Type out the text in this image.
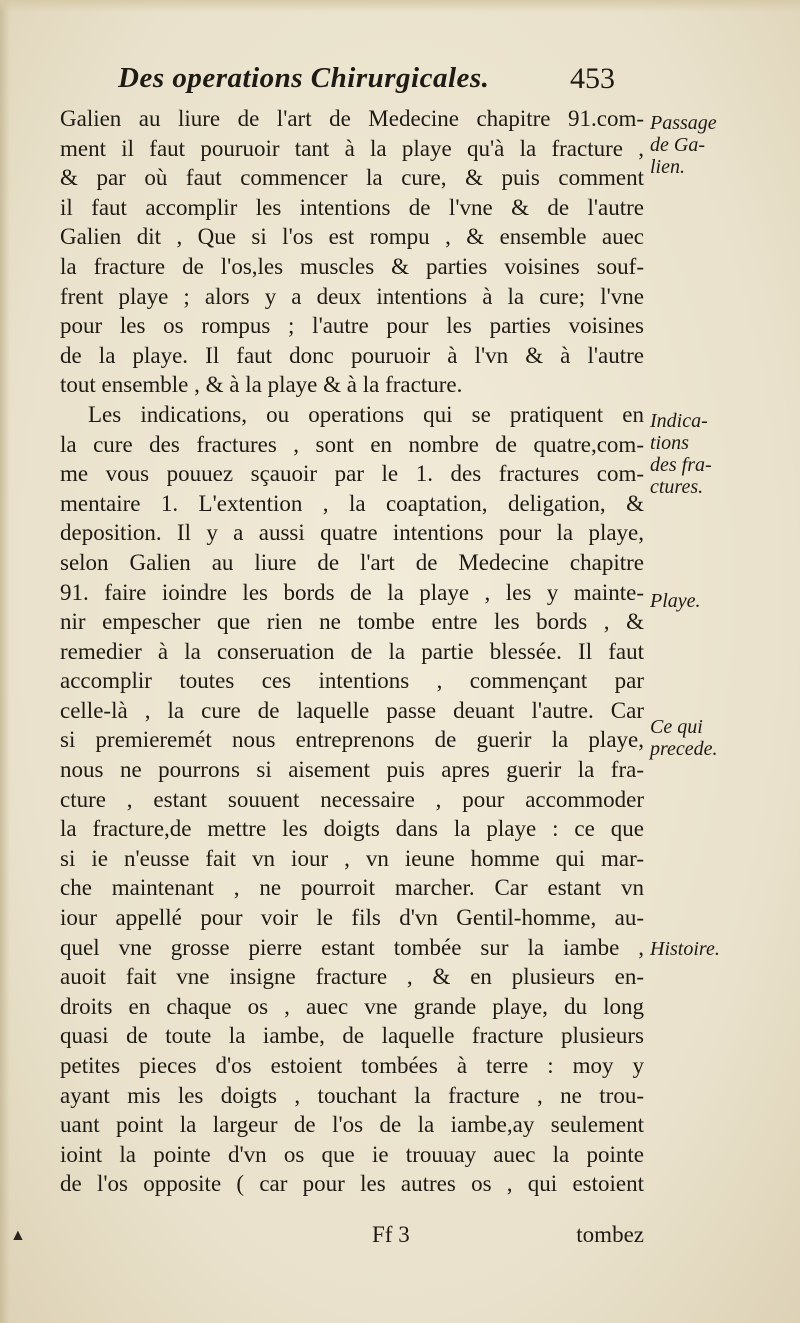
Des operations Chirurgicales.	453
Galien au liure de l'art de Medecine chapitre 91.com-
ment il faut pouruoir tant à la playe qu'à la fracture ,
& par où faut commencer la cure, & puis comment
il faut accomplir les intentions de l'vne & de l'autre
Galien dit , Que si l'os est rompu , & ensemble auec
la fracture de l'os,les muscles & parties voisines souf-
frent playe ; alors y a deux intentions à la cure; l'vne
pour les os rompus ; l'autre pour les parties voisines
de la playe. Il faut donc pouruoir à l'vn & à l'autre
tout ensemble , & à la playe & à la fracture.
Les indications, ou operations qui se pratiquent en
la cure des fractures , sont en nombre de quatre,com-
me vous pouuez sçauoir par le 1. des fractures com-
mentaire 1. L'extention , la coaptation, deligation, &
deposition. Il y a aussi quatre intentions pour la playe,
selon Galien au liure de l'art de Medecine chapitre
91. faire ioindre les bords de la playe , les y mainte-
nir empescher que rien ne tombe entre les bords , &
remedier à la conseruation de la partie blessée. Il faut
accomplir toutes ces intentions , commençant par
celle-là , la cure de laquelle passe deuant l'autre. Car
si premieremét nous entreprenons de guerir la playe,
nous ne pourrons si aisement puis apres guerir la fra-
cture , estant souuent necessaire , pour accommoder
la fracture,de mettre les doigts dans la playe : ce que
si ie n'eusse fait vn iour , vn ieune homme qui mar-
che maintenant , ne pourroit marcher. Car estant vn
iour appellé pour voir le fils d'vn Gentil-homme, au-
quel vne grosse pierre estant tombée sur la iambe ,
auoit fait vne insigne fracture , & en plusieurs en-
droits en chaque os , auec vne grande playe, du long
quasi de toute la iambe, de laquelle fracture plusieurs
petites pieces d'os estoient tombées à terre : moy y
ayant mis les doigts , touchant la fracture , ne trou-
uant point la largeur de l'os de la iambe,ay seulement
ioint la pointe d'vn os que ie trouuay auec la pointe
de l'os opposite ( car pour les autres os , qui estoient
Passage
de Ga-
lien.
Indica-
tions
des fra-
ctures.
Playe.
Ce qui
precede.
Histoire.
Ff 3	tombez
▲
